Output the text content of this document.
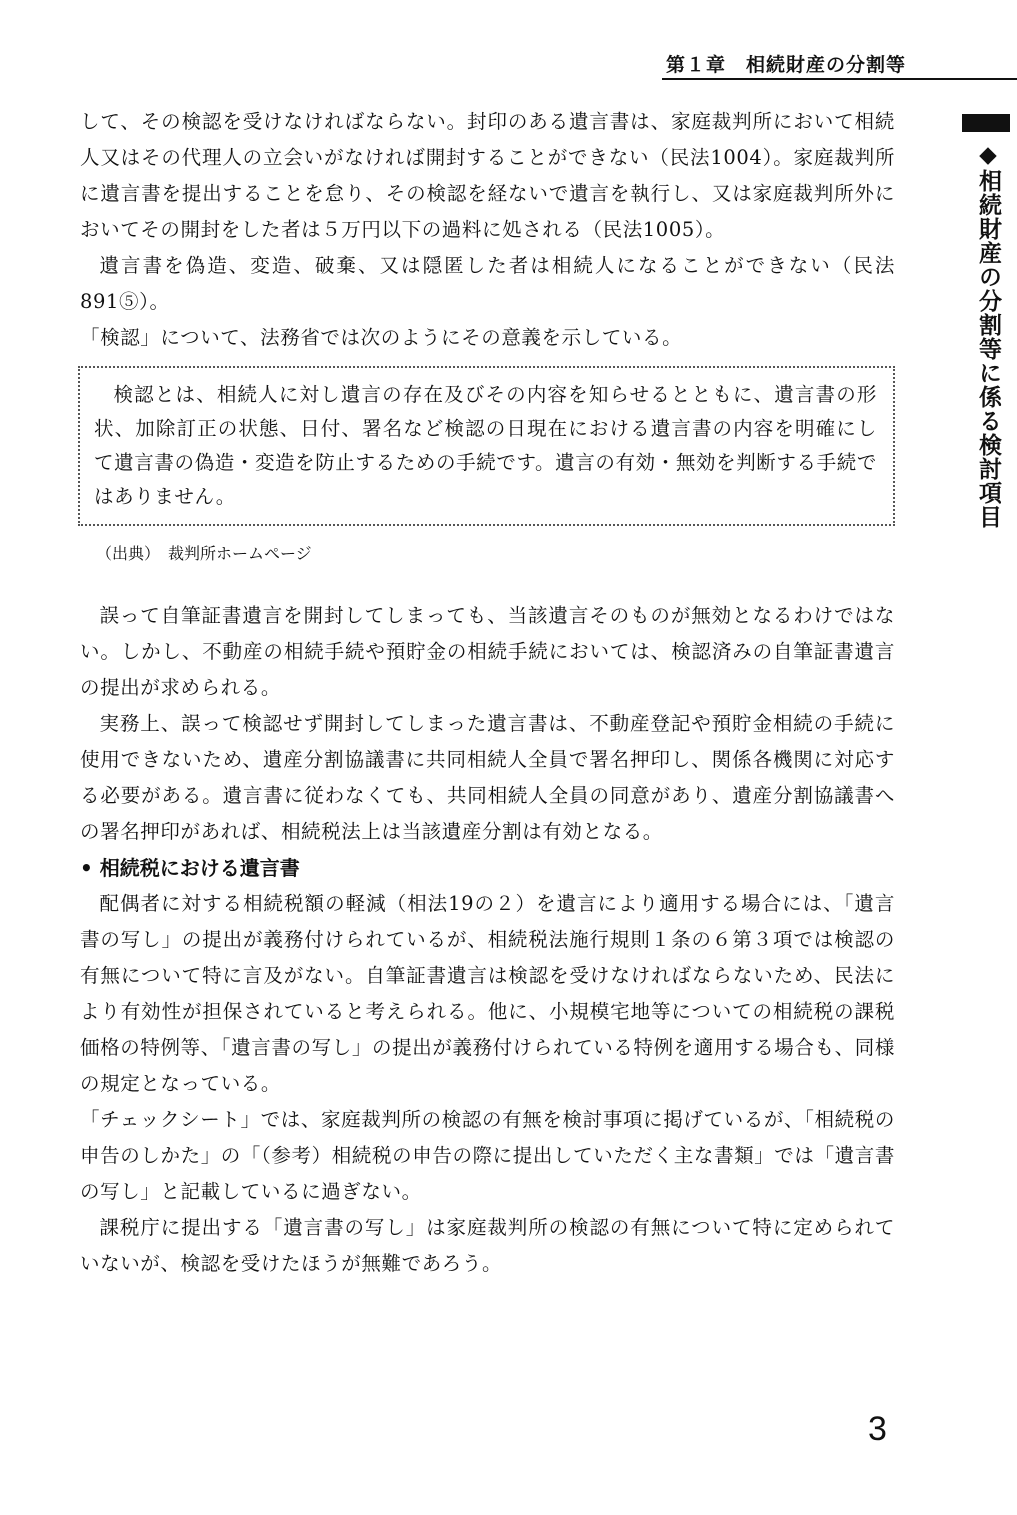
第１章　相続財産の分割等
◆相続財産の分割等に係る検討項目

して、その検認を受けなければならない。封印のある遺言書は、家庭裁判所において相続人又はその代理人の立会いがなければ開封することができない（民法1004）。家庭裁判所に遺言書を提出することを怠り、その検認を経ないで遺言を執行し、又は家庭裁判所外においてその開封をした者は５万円以下の過料に処される（民法1005）。

遺言書を偽造、変造、破棄、又は隠匿した者は相続人になることができない（民法891⑤）。

「検認」について、法務省では次のようにその意義を示している。

検認とは、相続人に対し遺言の存在及びその内容を知らせるとともに、遺言書の形状、加除訂正の状態、日付、署名など検認の日現在における遺言書の内容を明確にして遺言書の偽造・変造を防止するための手続です。遺言の有効・無効を判断する手続ではありません。

（出典）　裁判所ホームページ

誤って自筆証書遺言を開封してしまっても、当該遺言そのものが無効となるわけではない。しかし、不動産の相続手続や預貯金の相続手続においては、検認済みの自筆証書遺言の提出が求められる。

実務上、誤って検認せず開封してしまった遺言書は、不動産登記や預貯金相続の手続に使用できないため、遺産分割協議書に共同相続人全員で署名押印し、関係各機関に対応する必要がある。遺言書に従わなくても、共同相続人全員の同意があり、遺産分割協議書への署名押印があれば、相続税法上は当該遺産分割は有効となる。

• 相続税における遺言書

配偶者に対する相続税額の軽減（相法19の２）を遺言により適用する場合には、「遺言書の写し」の提出が義務付けられているが、相続税法施行規則１条の６第３項では検認の有無について特に言及がない。自筆証書遺言は検認を受けなければならないため、民法により有効性が担保されていると考えられる。他に、小規模宅地等についての相続税の課税価格の特例等、「遺言書の写し」の提出が義務付けられている特例を適用する場合も、同様の規定となっている。

「チェックシート」では、家庭裁判所の検認の有無を検討事項に掲げているが、「相続税の申告のしかた」の「（参考）相続税の申告の際に提出していただく主な書類」では「遺言書の写し」と記載しているに過ぎない。

課税庁に提出する「遺言書の写し」は家庭裁判所の検認の有無について特に定められていないが、検認を受けたほうが無難であろう。

3
